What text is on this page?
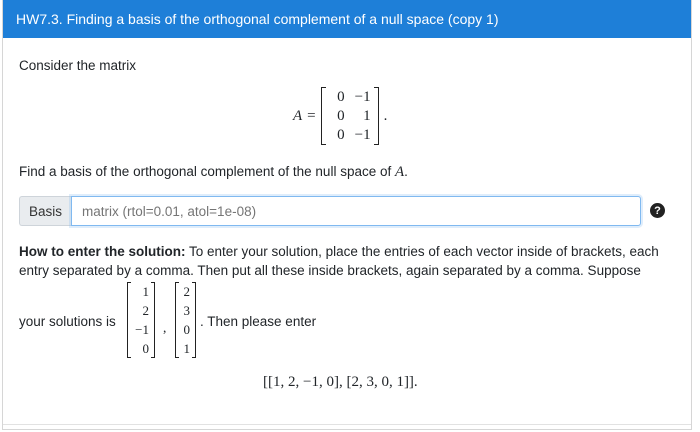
HW7.3. Finding a basis of the orthogonal complement of a null space (copy 1)
Consider the matrix
A =
0 −1
0	1
0 −1
.
Find a basis of the orthogonal complement of the null space of A.
Basis
matrix (rtol=0.01, atol=1e-08)	?
How to enter the solution: To enter your solution, place the entries of each vector inside of brackets, each
entry separated by a comma. Then put all these inside brackets, again separated by a comma. Suppose
your solutions is
1
2
−1
0
,
2
3
0
1
. Then please enter
[[1, 2, −1, 0], [2, 3, 0, 1]].
